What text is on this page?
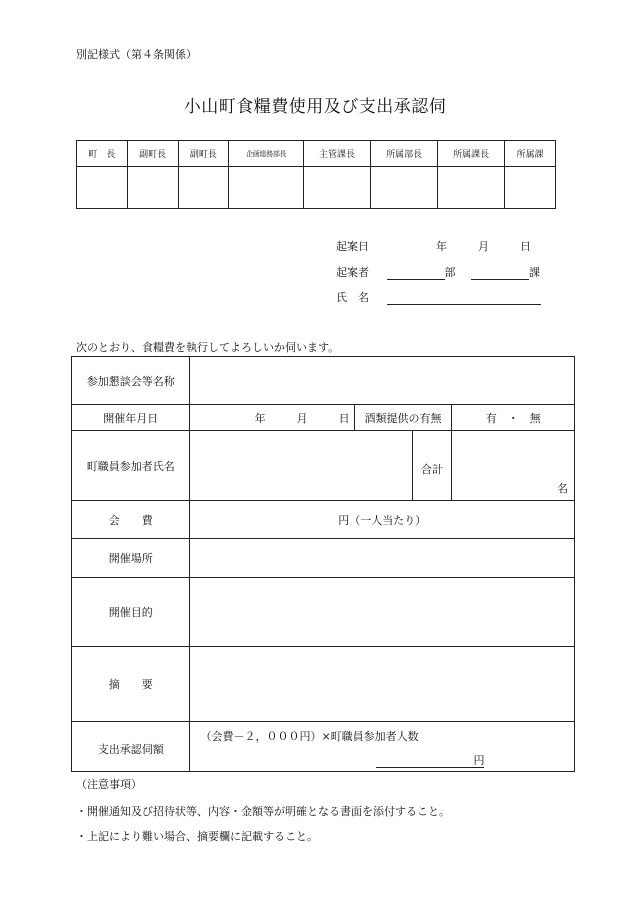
別記様式（第４条関係）
小山町食糧費使用及び支出承認伺
町　長	副町長	副町長	企画総務部長	主管課長	所属部長	所属課長	所属課

起案日	年	月	日
起案者	部	課
氏　名
次のとおり、食糧費を執行してよろしいか伺います。
参加懇談会等名称				
開催年月日	年 月 日	酒類提供の有無		有　・　無
町職員参加者氏名			合計	名
会　　費	円（一人当たり）			
開催場所				
開催目的				
摘　　要				
支出承認伺額	（会費－２，０００円）×町職員参加者人数
円			
（注意事項）
・開催通知及び招待状等、内容・金額等が明確となる書面を添付すること。
・上記により難い場合、摘要欄に記載すること。
